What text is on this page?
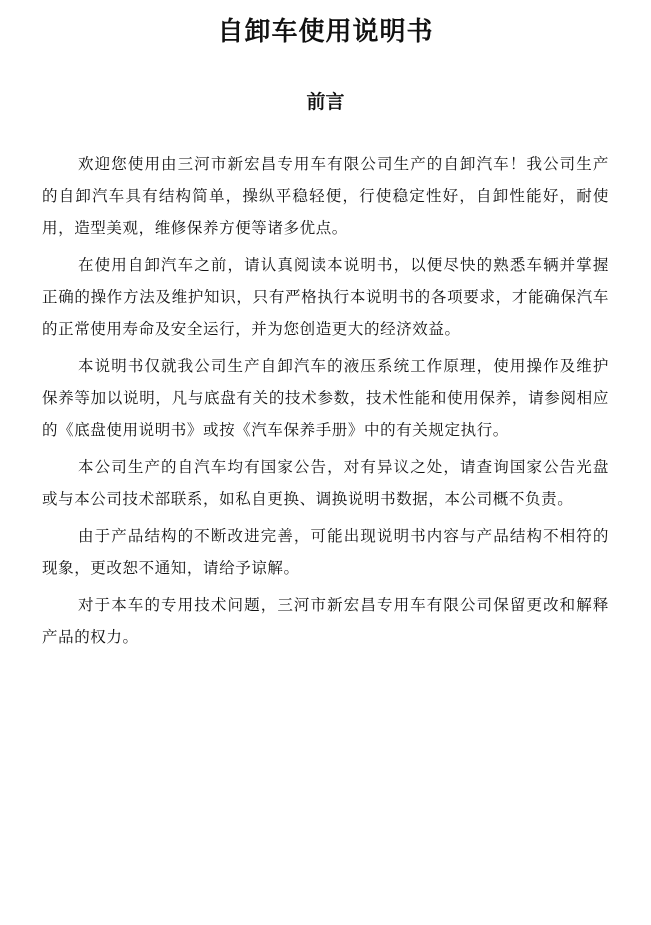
自卸车使用说明书
前言

欢迎您使用由三河市新宏昌专用车有限公司生产的自卸汽车！我公司生产的自卸汽车具有结构简单，操纵平稳轻便，行使稳定性好，自卸性能好，耐使用，造型美观，维修保养方便等诸多优点。

在使用自卸汽车之前，请认真阅读本说明书，以便尽快的熟悉车辆并掌握正确的操作方法及维护知识，只有严格执行本说明书的各项要求，才能确保汽车的正常使用寿命及安全运行，并为您创造更大的经济效益。

本说明书仅就我公司生产自卸汽车的液压系统工作原理，使用操作及维护保养等加以说明，凡与底盘有关的技术参数，技术性能和使用保养，请参阅相应的《底盘使用说明书》或按《汽车保养手册》中的有关规定执行。

本公司生产的自汽车均有国家公告，对有异议之处，请查询国家公告光盘或与本公司技术部联系，如私自更换、调换说明书数据，本公司概不负责。

由于产品结构的不断改进完善，可能出现说明书内容与产品结构不相符的现象，更改恕不通知，请给予谅解。

对于本车的专用技术问题，三河市新宏昌专用车有限公司保留更改和解释产品的权力。
